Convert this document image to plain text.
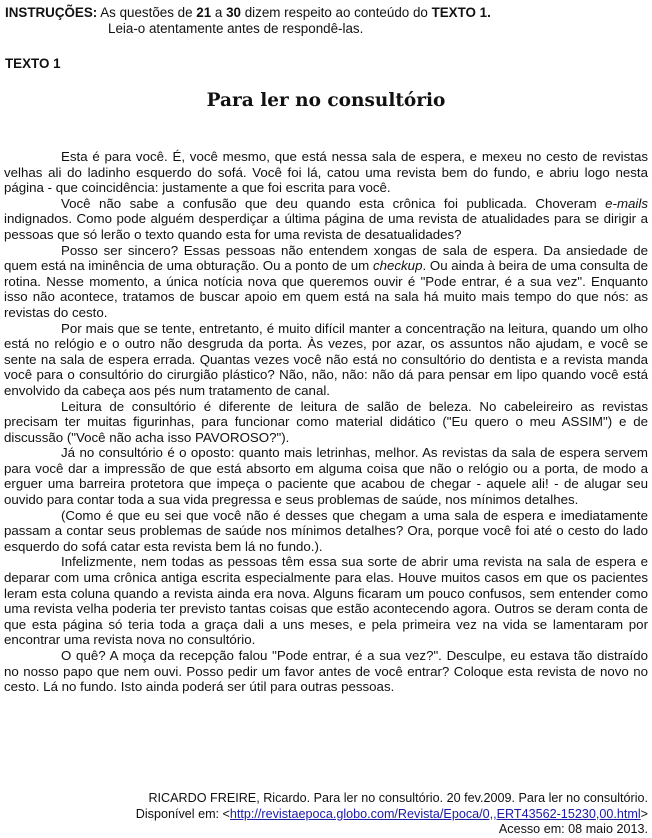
INSTRUÇÕES: As questões de 21 a 30 dizem respeito ao conteúdo do TEXTO 1.
Leia-o atentamente antes de respondê-las.
TEXTO 1
Para ler no consultório

Esta é para você. É, você mesmo, que está nessa sala de espera, e mexeu no cesto de revistas velhas ali do ladinho esquerdo do sofá. Você foi lá, catou uma revista bem do fundo, e abriu logo nesta página - que coincidência: justamente a que foi escrita para você.

Você não sabe a confusão que deu quando esta crônica foi publicada. Choveram e-mails indignados. Como pode alguém desperdiçar a última página de uma revista de atualidades para se dirigir a pessoas que só lerão o texto quando esta for uma revista de desatualidades?

Posso ser sincero? Essas pessoas não entendem xongas de sala de espera. Da ansiedade de quem está na iminência de uma obturação. Ou a ponto de um checkup. Ou ainda à beira de uma consulta de rotina. Nesse momento, a única notícia nova que queremos ouvir é "Pode entrar, é a sua vez". Enquanto isso não acontece, tratamos de buscar apoio em quem está na sala há muito mais tempo do que nós: as revistas do cesto.

Por mais que se tente, entretanto, é muito difícil manter a concentração na leitura, quando um olho está no relógio e o outro não desgruda da porta. Às vezes, por azar, os assuntos não ajudam, e você se sente na sala de espera errada. Quantas vezes você não está no consultório do dentista e a revista manda você para o consultório do cirurgião plástico? Não, não, não: não dá para pensar em lipo quando você está envolvido da cabeça aos pés num tratamento de canal.

Leitura de consultório é diferente de leitura de salão de beleza. No cabeleireiro as revistas precisam ter muitas figurinhas, para funcionar como material didático ("Eu quero o meu ASSIM") e de discussão ("Você não acha isso PAVOROSO?").

Já no consultório é o oposto: quanto mais letrinhas, melhor. As revistas da sala de espera servem para você dar a impressão de que está absorto em alguma coisa que não o relógio ou a porta, de modo a erguer uma barreira protetora que impeça o paciente que acabou de chegar - aquele ali! - de alugar seu ouvido para contar toda a sua vida pregressa e seus problemas de saúde, nos mínimos detalhes.

(Como é que eu sei que você não é desses que chegam a uma sala de espera e imediatamente passam a contar seus problemas de saúde nos mínimos detalhes? Ora, porque você foi até o cesto do lado esquerdo do sofá catar esta revista bem lá no fundo.).

Infelizmente, nem todas as pessoas têm essa sua sorte de abrir uma revista na sala de espera e deparar com uma crônica antiga escrita especialmente para elas. Houve muitos casos em que os pacientes leram esta coluna quando a revista ainda era nova. Alguns ficaram um pouco confusos, sem entender como uma revista velha poderia ter previsto tantas coisas que estão acontecendo agora. Outros se deram conta de que esta página só teria toda a graça dali a uns meses, e pela primeira vez na vida se lamentaram por encontrar uma revista nova no consultório.

O quê? A moça da recepção falou "Pode entrar, é a sua vez?". Desculpe, eu estava tão distraído no nosso papo que nem ouvi. Posso pedir um favor antes de você entrar? Coloque esta revista de novo no cesto. Lá no fundo. Isto ainda poderá ser útil para outras pessoas.

RICARDO FREIRE, Ricardo. Para ler no consultório. 20 fev.2009. Para ler no consultório.
Disponível em: <http://revistaepoca.globo.com/Revista/Epoca/0,,ERT43562-15230,00.html>
Acesso em: 08 maio 2013.
